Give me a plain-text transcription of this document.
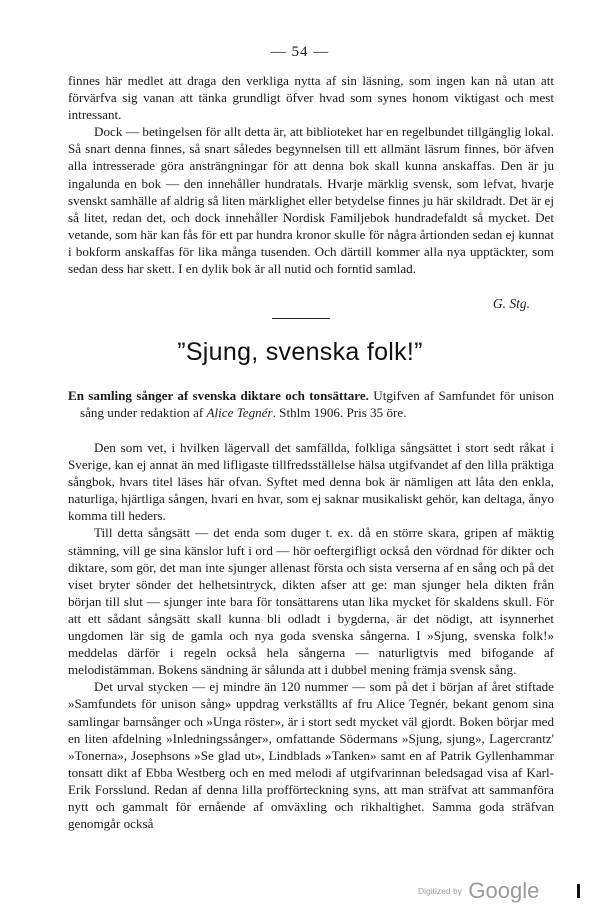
— 54 —

finnes här medlet att draga den verkliga nytta af sin läsning, som ingen kan nå utan att förvärfva sig vanan att tänka grundligt öfver hvad som synes honom viktigast och mest intressant.

Dock — betingelsen för allt detta är, att biblioteket har en regelbundet tillgänglig lokal. Så snart denna finnes, så snart således begynnelsen till ett allmänt läsrum finnes, bör äfven alla intresserade göra ansträngningar för att denna bok skall kunna anskaffas. Den är ju ingalunda en bok — den innehåller hundratals. Hvarje märklig svensk, som lefvat, hvarje svenskt samhälle af aldrig så liten märklighet eller betydelse finnes ju här skildradt. Det är ej så litet, redan det, och dock innehåller Nordisk Familjebok hundradefaldt så mycket. Det vetande, som här kan fås för ett par hundra kronor skulle för några årtionden sedan ej kunnat i bokform anskaffas för lika många tusenden. Och därtill kommer alla nya upptäckter, som sedan dess har skett. I en dylik bok är all nutid och forntid samlad.

G. Stg.
”Sjung, svenska folk!”
En samling sånger af svenska diktare och tonsättare. Utgifven af Samfundet för unison sång under redaktion af Alice Tegnér. Sthlm 1906. Pris 35 öre.

Den som vet, i hvilken lägervall det samfällda, folkliga sångsättet i stort sedt råkat i Sverige, kan ej annat än med lifligaste tillfredsställelse hälsa utgifvandet af den lilla präktiga sångbok, hvars titel läses här ofvan. Syftet med denna bok är nämligen att låta den enkla, naturliga, hjärtliga sången, hvari en hvar, som ej saknar musikaliskt gehör, kan deltaga, ånyo komma till heders.

Till detta sångsätt — det enda som duger t. ex. då en större skara, gripen af mäktig stämning, vill ge sina känslor luft i ord — hör oeftergifligt också den vördnad för dikter och diktare, som gör, det man inte sjunger allenast första och sista verserna af en sång och på det viset bryter sönder det helhetsintryck, dikten afser att ge: man sjunger hela dikten från början till slut — sjunger inte bara för tonsättarens utan lika mycket för skaldens skull. För att ett sådant sångsätt skall kunna bli odladt i bygderna, är det nödigt, att isynnerhet ungdomen lär sig de gamla och nya goda svenska sångerna. I »Sjung, svenska folk!» meddelas därför i regeln också hela sångerna — naturligtvis med bifogande af melodistämman. Bokens sändning är sålunda att i dubbel mening främja svensk sång.

Det urval stycken — ej mindre än 120 nummer — som på det i början af året stiftade »Samfundets för unison sång» uppdrag verkställts af fru Alice Tegnér, bekant genom sina samlingar barnsånger och »Unga röster», är i stort sedt mycket väl gjordt. Boken börjar med en liten afdelning »Inledningssånger», omfattande Södermans »Sjung, sjung», Lagercrantz' »Tonerna», Josephsons »Se glad ut», Lindblads »Tanken» samt en af Patrik Gyllenhammar tonsatt dikt af Ebba Westberg och en med melodi af utgifvarinnan beledsagad visa af Karl-Erik Forsslund. Redan af denna lilla profförteckning syns, att man sträfvat att sammanföra nytt och gammalt för ernående af omväxling och rikhaltighet. Samma goda sträfvan genomgår också

Digitized by Google
